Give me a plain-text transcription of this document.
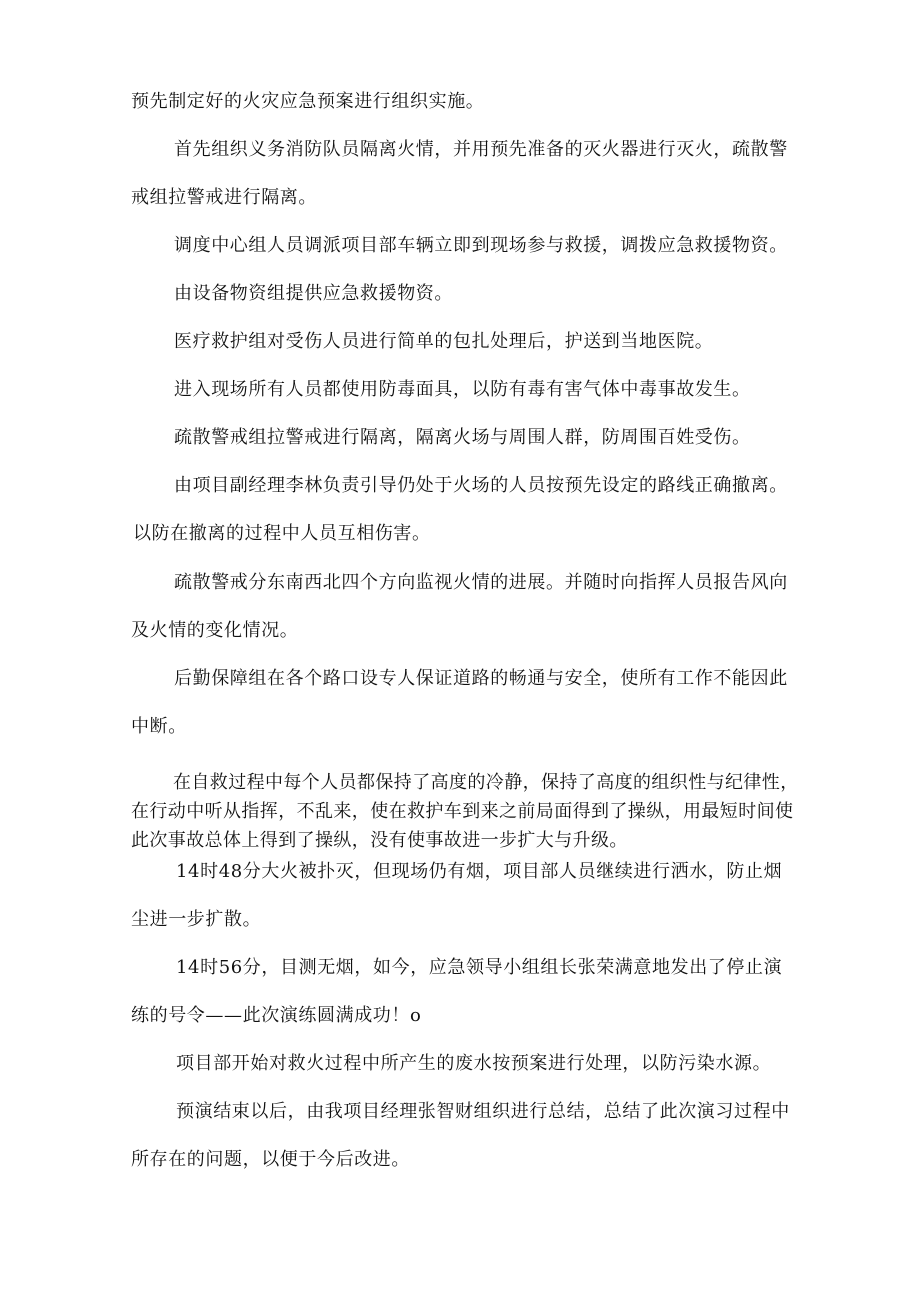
预先制定好的火灾应急预案进行组织实施。
首先组织义务消防队员隔离火情，并用预先准备的灭火器进行灭火，疏散警
戒组拉警戒进行隔离。
调度中心组人员调派项目部车辆立即到现场参与救援，调拨应急救援物资。
由设备物资组提供应急救援物资。
医疗救护组对受伤人员进行简单的包扎处理后，护送到当地医院。
进入现场所有人员都使用防毒面具，以防有毒有害气体中毒事故发生。
疏散警戒组拉警戒进行隔离，隔离火场与周围人群，防周围百姓受伤。
由项目副经理李林负责引导仍处于火场的人员按预先设定的路线正确撤离。
以防在撤离的过程中人员互相伤害。
疏散警戒分东南西北四个方向监视火情的进展。并随时向指挥人员报告风向
及火情的变化情况。
后勤保障组在各个路口设专人保证道路的畅通与安全，使所有工作不能因此
中断。
在自救过程中每个人员都保持了高度的冷静，保持了高度的组织性与纪律性，
在行动中听从指挥，不乱来，使在救护车到来之前局面得到了操纵，用最短时间使
此次事故总体上得到了操纵，没有使事故进一步扩大与升级。
14时48分大火被扑灭，但现场仍有烟，项目部人员继续进行洒水，防止烟
尘进一步扩散。
14时56分，目测无烟，如今，应急领导小组组长张荣满意地发出了停止演
练的号令——此次演练圆满成功！o
项目部开始对救火过程中所产生的废水按预案进行处理，以防污染水源。
预演结束以后，由我项目经理张智财组织进行总结，总结了此次演习过程中
所存在的问题，以便于今后改进。
